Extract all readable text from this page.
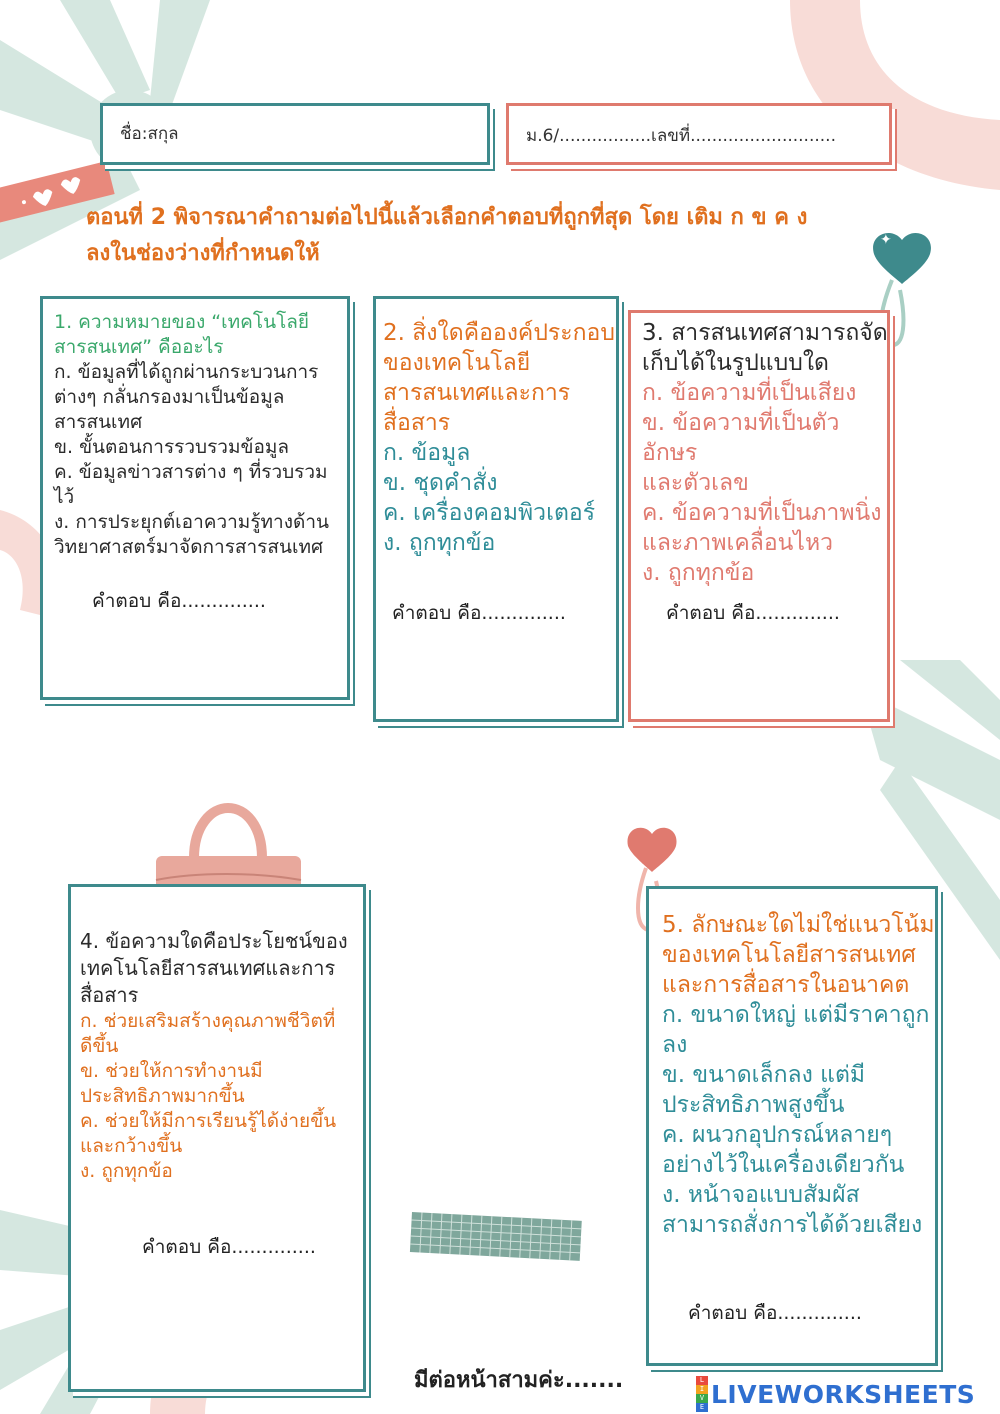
✦
ชื่อ:สกุล	ม.6/.................เลขที่...........................
ตอนที่ 2 พิจารณาคำถามต่อไปนี้แล้วเลือกคำตอบที่ถูกที่สุด โดย เติม ก ข ค ง
ลงในช่องว่างที่กำหนดให้
1. ความหมายของ “เทคโนโลยี
สารสนเทศ” คืออะไร
ก. ข้อมูลที่ได้ถูกผ่านกระบวนการ
ต่างๆ กลั่นกรองมาเป็นข้อมูล
สารสนเทศ
ข. ขั้นตอนการรวบรวมข้อมูล
ค. ข้อมูลข่าวสารต่าง ๆ ที่รวบรวม
ไว้
ง. การประยุกต์เอาความรู้ทางด้าน
วิทยาศาสตร์มาจัดการสารสนเทศ
คำตอบ คือ..............
2. สิ่งใดคือองค์ประกอบ
ของเทคโนโลยี
สารสนเทศและการ
สื่อสาร
ก. ข้อมูล
ข. ชุดคำสั่ง
ค. เครื่องคอมพิวเตอร์
ง. ถูกทุกข้อ
คำตอบ คือ..............
3. สารสนเทศสามารถจัด
เก็บได้ในรูปแบบใด
ก. ข้อความที่เป็นเสียง
ข. ข้อความที่เป็นตัวอักษร
และตัวเลข
ค. ข้อความที่เป็นภาพนิ่ง
และภาพเคลื่อนไหว
ง. ถูกทุกข้อ
คำตอบ คือ..............
4. ข้อความใดคือประโยชน์ของ
เทคโนโลยีสารสนเทศและการ
สื่อสาร
ก. ช่วยเสริมสร้างคุณภาพชีวิตที่
ดีขึ้น
ข. ช่วยให้การทำงานมี
ประสิทธิภาพมากขึ้น
ค. ช่วยให้มีการเรียนรู้ได้ง่ายขึ้น
และกว้างขึ้น
ง. ถูกทุกข้อ
คำตอบ คือ..............
5. ลักษณะใดไม่ใช่แนวโน้ม
ของเทคโนโลยีสารสนเทศ
และการสื่อสารในอนาคต
ก. ขนาดใหญ่ แต่มีราคาถูก
ลง
ข. ขนาดเล็กลง แต่มี
ประสิทธิภาพสูงขึ้น
ค. ผนวกอุปกรณ์หลายๆ
อย่างไว้ในเครื่องเดียวกัน
ง. หน้าจอแบบสัมผัส
สามารถสั่งการได้ด้วยเสียง
คำตอบ คือ..............
มีต่อหน้าสามค่ะ.......	L
I
V
E LIVEWORKSHEETS
